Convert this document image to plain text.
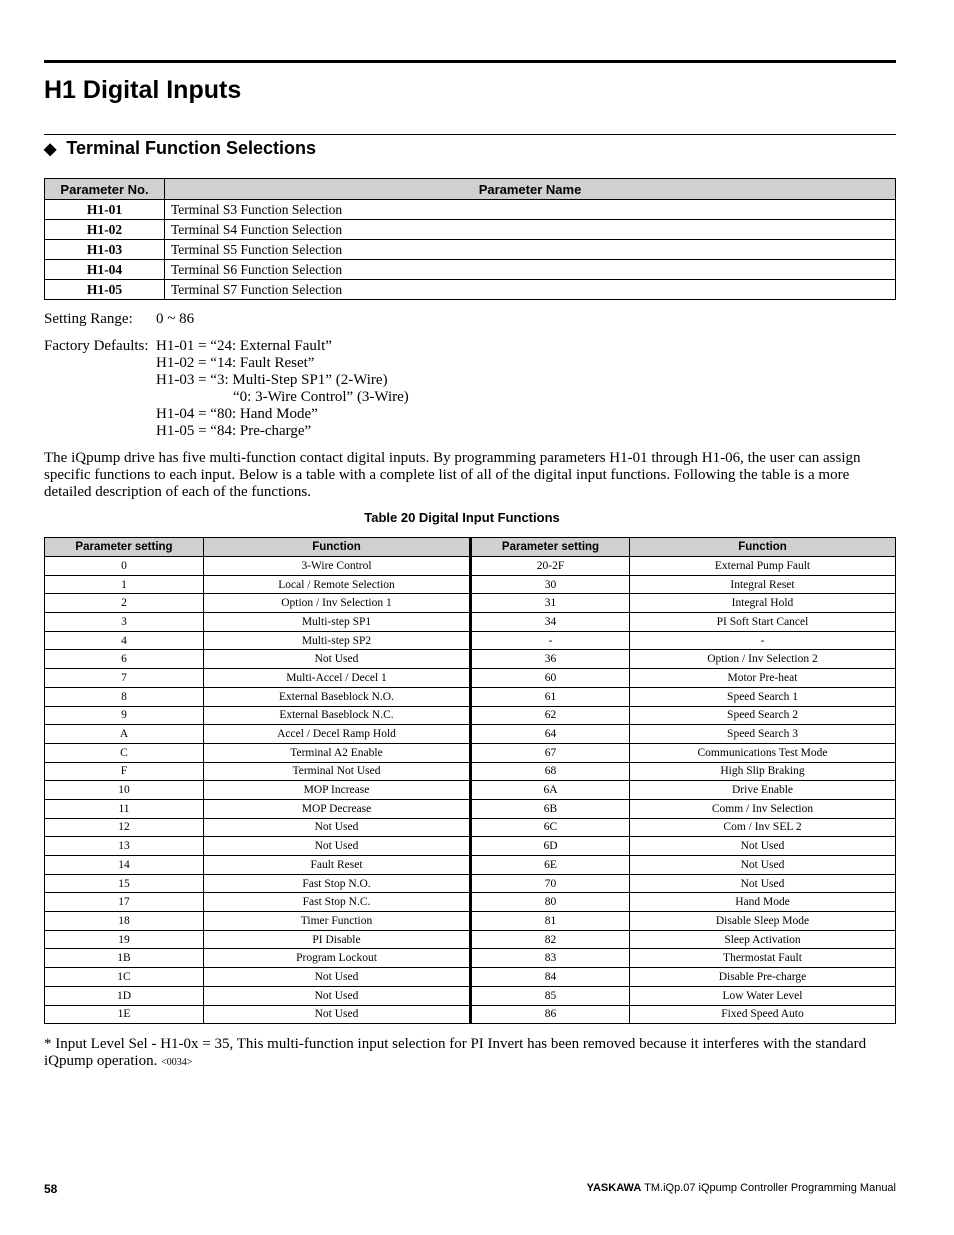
H1 Digital Inputs
◆ Terminal Function Selections
Parameter No.	Parameter Name
H1-01	Terminal S3 Function Selection
H1-02	Terminal S4 Function Selection
H1-03	Terminal S5 Function Selection
H1-04	Terminal S6 Function Selection
H1-05	Terminal S7 Function Selection
Setting Range: 0 ~ 86
Factory Defaults: H1-01 = “24: External Fault”
H1-02 = “14: Fault Reset”
H1-03 = “3: Multi-Step SP1” (2-Wire)
“0: 3-Wire Control” (3-Wire)
H1-04 = “80: Hand Mode”
H1-05 = “84: Pre-charge”
The iQpump drive has five multi-function contact digital inputs. By programming parameters H1-01 through H1-06, the user can assign specific functions to each input. Below is a table with a complete list of all of the digital input functions. Following the table is a more detailed description of each of the functions.
Table 20 Digital Input Functions
Parameter setting	Function	Parameter setting	Function
0	3-Wire Control	20-2F	External Pump Fault
1	Local / Remote Selection	30	Integral Reset
2	Option / Inv Selection 1	31	Integral Hold
3	Multi-step SP1	34	PI Soft Start Cancel
4	Multi-step SP2	-	-
6	Not Used	36	Option / Inv Selection 2
7	Multi-Accel / Decel 1	60	Motor Pre-heat
8	External Baseblock N.O.	61	Speed Search 1
9	External Baseblock N.C.	62	Speed Search 2
A	Accel / Decel Ramp Hold	64	Speed Search 3
C	Terminal A2 Enable	67	Communications Test Mode
F	Terminal Not Used	68	High Slip Braking
10	MOP Increase	6A	Drive Enable
11	MOP Decrease	6B	Comm / Inv Selection
12	Not Used	6C	Com / Inv SEL 2
13	Not Used	6D	Not Used
14	Fault Reset	6E	Not Used
15	Fast Stop N.O.	70	Not Used
17	Fast Stop N.C.	80	Hand Mode
18	Timer Function	81	Disable Sleep Mode
19	PI Disable	82	Sleep Activation
1B	Program Lockout	83	Thermostat Fault
1C	Not Used	84	Disable Pre-charge
1D	Not Used	85	Low Water Level
1E	Not Used	86	Fixed Speed Auto
* Input Level Sel - H1-0x = 35, This multi-function input selection for PI Invert has been removed because it interferes with the standard iQpump operation. <0034>
58	YASKAWA TM.iQp.07 iQpump Controller Programming Manual
